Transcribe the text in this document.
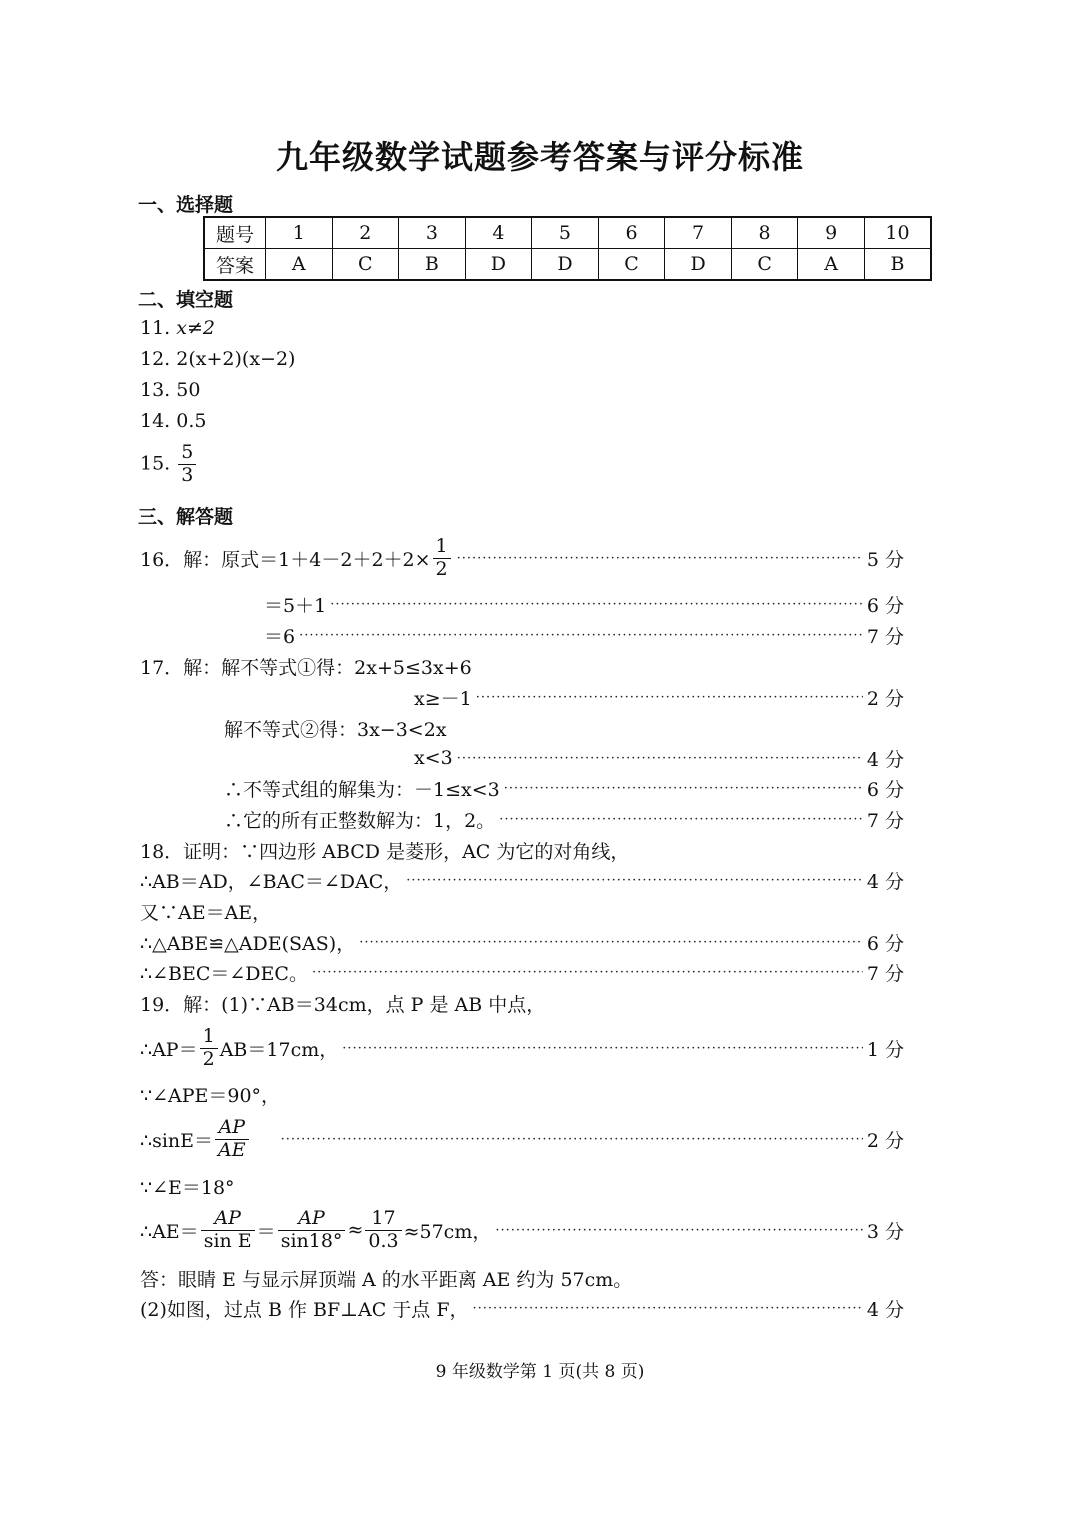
九年级数学试题参考答案与评分标准
一、选择题
题号	1	2	3	4	5	6	7	8	9	10
答案	A	C	B	D	D	C	D	C	A	B
二、填空题
11. x≠2
12. 2(x+2)(x−2)
13. 50
14. 0.5
15. $\frac{5}{3}$
三、解答题
16．解：原式$=1+4-2+2+2\times \frac{1}{2}$ ·····	5 分
＝5＋1 ·····	6 分
＝6 ·····	7 分
17．解：解不等式①得：2x+5≤3x+6
x≥－1 ·····	2 分
解不等式②得：3x−3<2x
x<3 ·····	4 分
∴不等式组的解集为：－1≤x<3 ·····	6 分
∴它的所有正整数解为：1，2。 ·····	7 分
18．证明：∵四边形 ABCD 是菱形，AC 为它的对角线，
∴AB＝AD，∠BAC＝∠DAC， ·····	4 分
又∵AE＝AE，
∴△ABE≌△ADE(SAS)， ·····	6 分
∴∠BEC＝∠DEC。 ·····	7 分
19．解：(1)∵AB＝34cm，点 P 是 AB 中点，
∴AP＝ $\frac{1}{2} AB=17cm$， ·····	1 分
∵∠APE＝90°，
∴sinE＝ $\frac{AP}{AE}$ ·····	2 分
∵∠E＝18°
∴AE＝ $\frac{AP}{\text{sin E}} = \frac{AP}{\sin 18^\circ} \approx \frac{17}{0.3} \approx 57cm$， ·····	3 分
答：眼睛 E 与显示屏顶端 A 的水平距离 AE 约为 57cm。
(2)如图，过点 B 作 BF⊥AC 于点 F， ·····	4 分
9 年级数学第 1 页(共 8 页)
